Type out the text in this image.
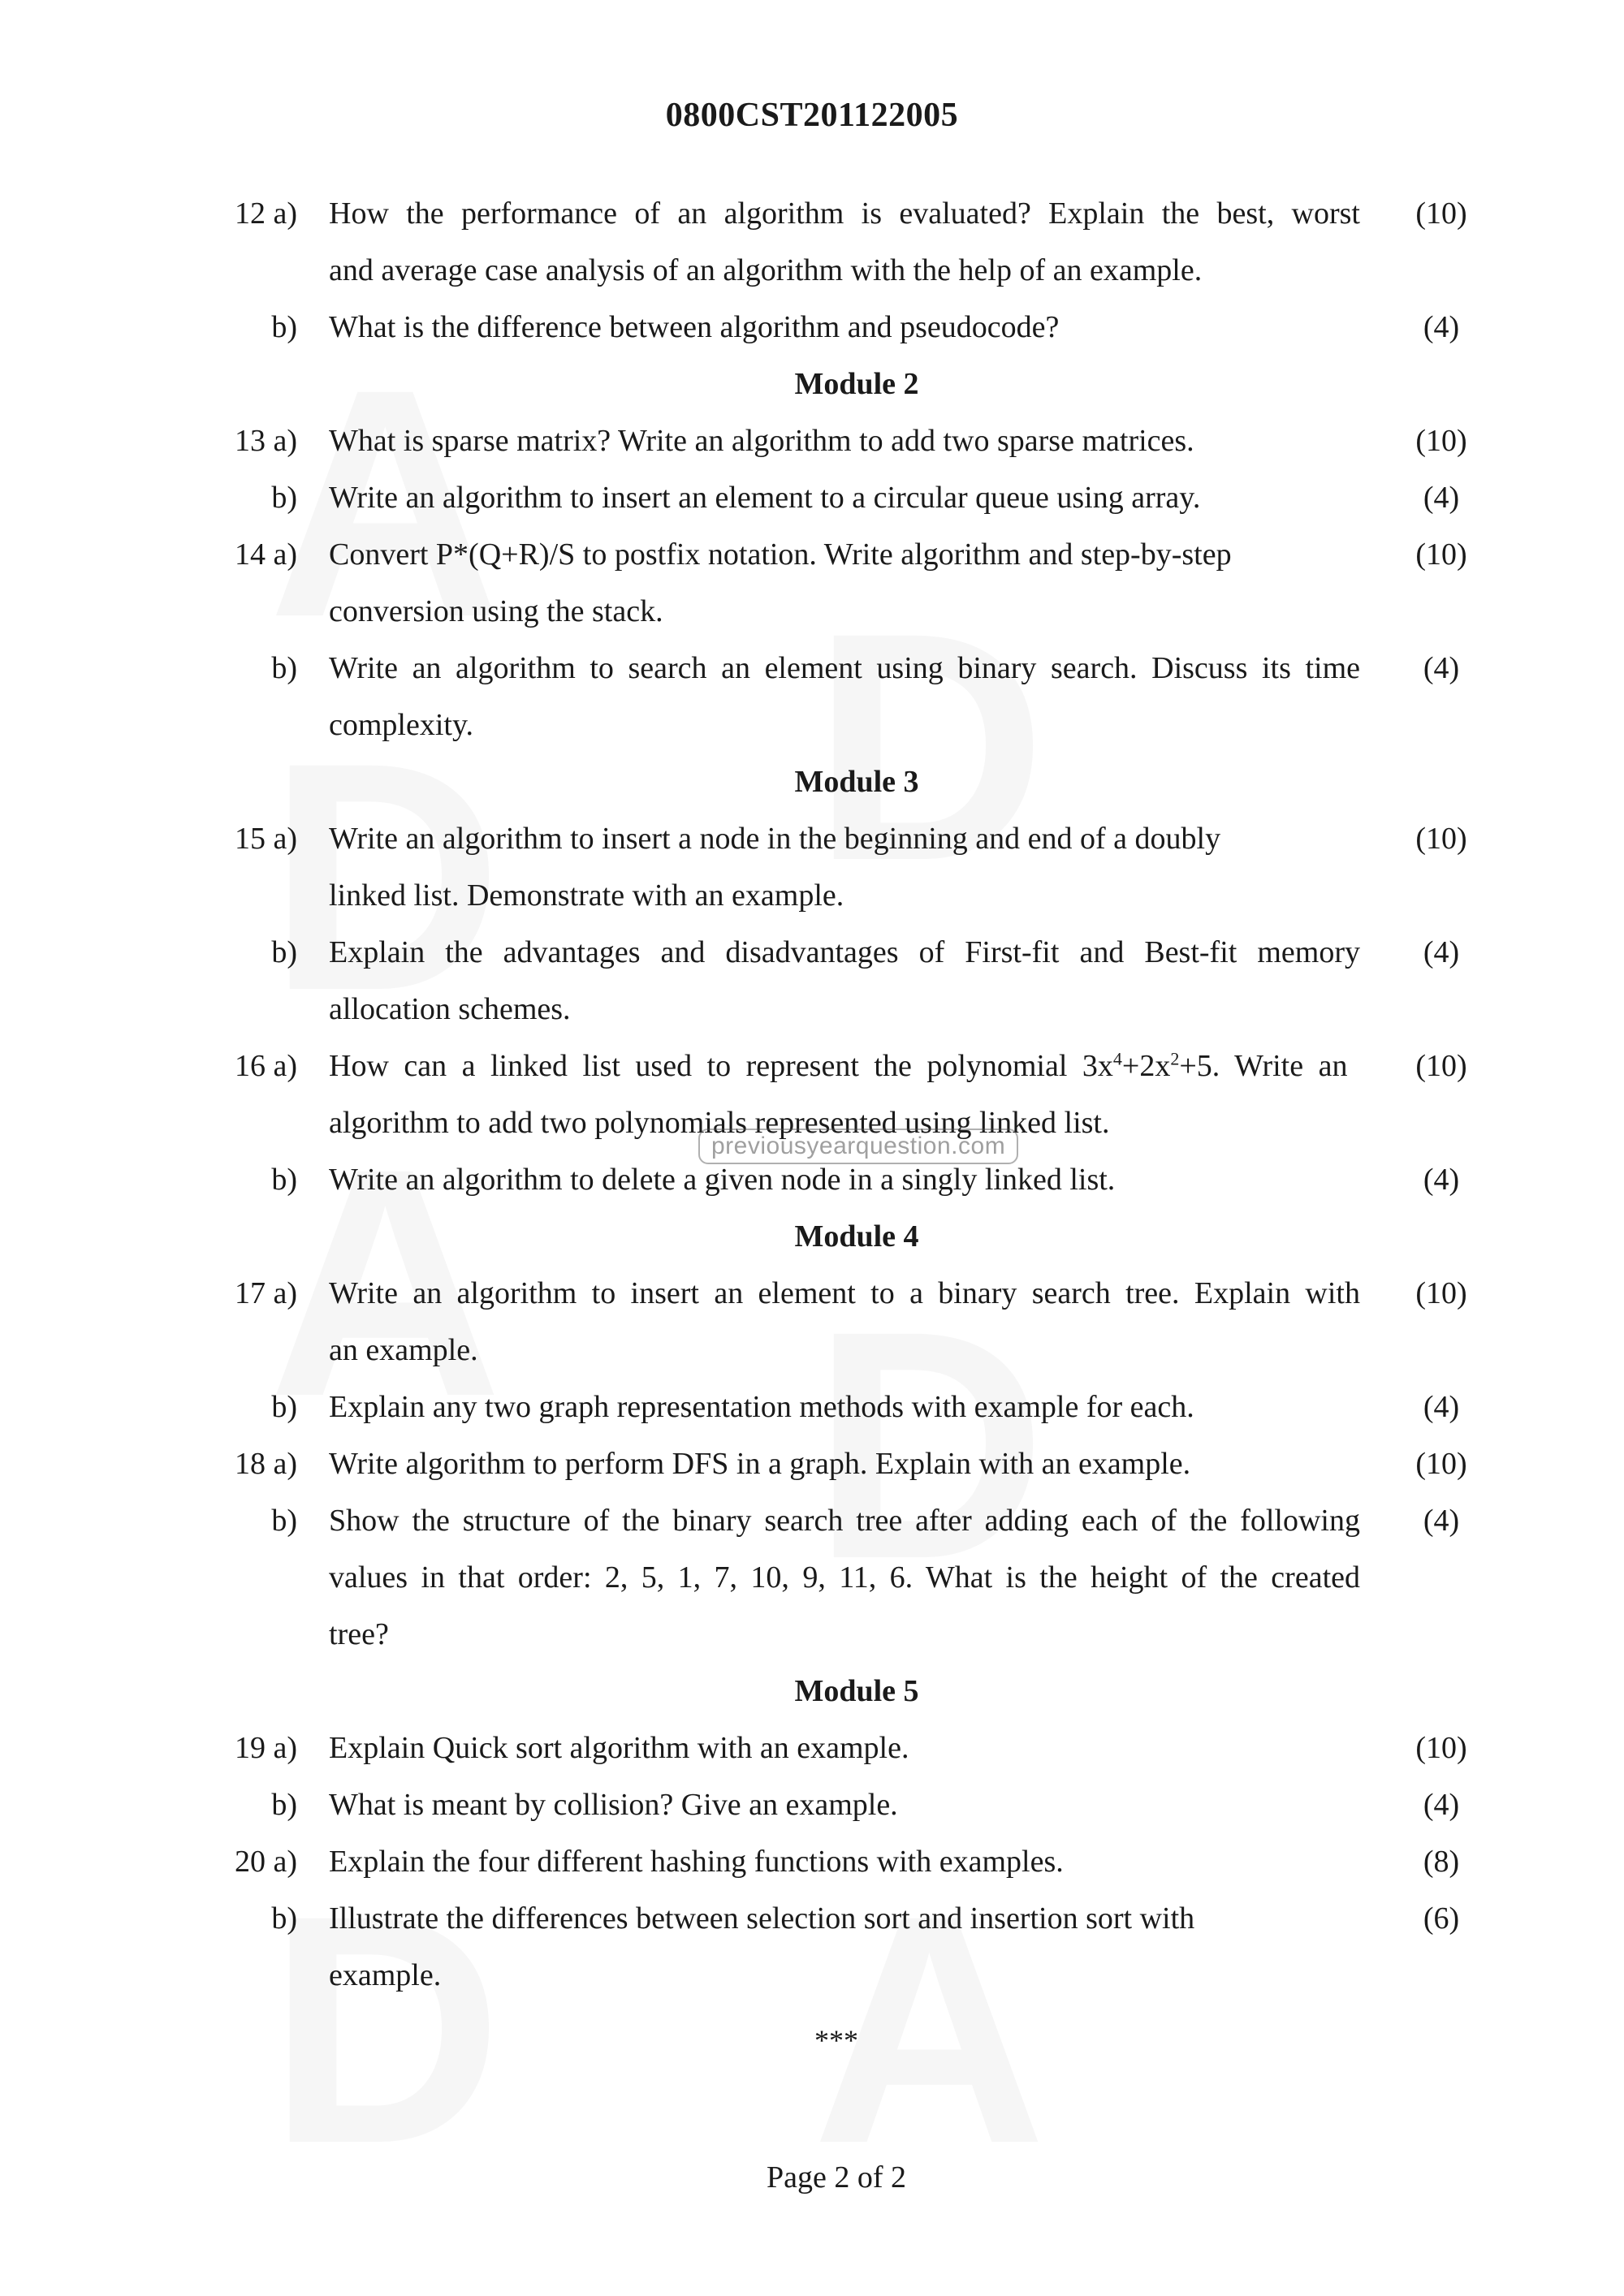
0800CST201122005
12 a) How the performance of an algorithm is evaluated? Explain the best, worst	(10)
and average case analysis of an algorithm with the help of an example.
b) What is the difference between algorithm and pseudocode?	(4)
Module 2
13 a) What is sparse matrix? Write an algorithm to add two sparse matrices.	(10)
b) Write an algorithm to insert an element to a circular queue using array.	(4)
14 a) Convert P*(Q+R)/S to postfix notation. Write algorithm and step-by-step	(10)
conversion using the stack.
b) Write an algorithm to search an element using binary search. Discuss its time	(4)
complexity.
Module 3
15 a) Write an algorithm to insert a node in the beginning and end of a doubly	(10)
linked list. Demonstrate with an example.
b) Explain the advantages and disadvantages of First-fit and Best-fit memory	(4)
allocation schemes.
16 a) How can a linked list used to represent the polynomial $3x^4+2x^2+5$. Write an	(10)
algorithm to add two polynomials represented using linked list.
b) Write an algorithm to delete a given node in a singly linked list.	(4)
Module 4
17 a) Write an algorithm to insert an element to a binary search tree. Explain with	(10)
an example.
b) Explain any two graph representation methods with example for each.	(4)
18 a) Write algorithm to perform DFS in a graph. Explain with an example.	(10)
b) Show the structure of the binary search tree after adding each of the following	(4)
values in that order: 2, 5, 1, 7, 10, 9, 11, 6. What is the height of the created
tree?
Module 5
19 a) Explain Quick sort algorithm with an example.	(10)
b) What is meant by collision? Give an example.	(4)
20 a) Explain the four different hashing functions with examples.	(8)
b) Illustrate the differences between selection sort and insertion sort with	(6)
example.
***
previousyearquestion.com
Page 2 of 2
